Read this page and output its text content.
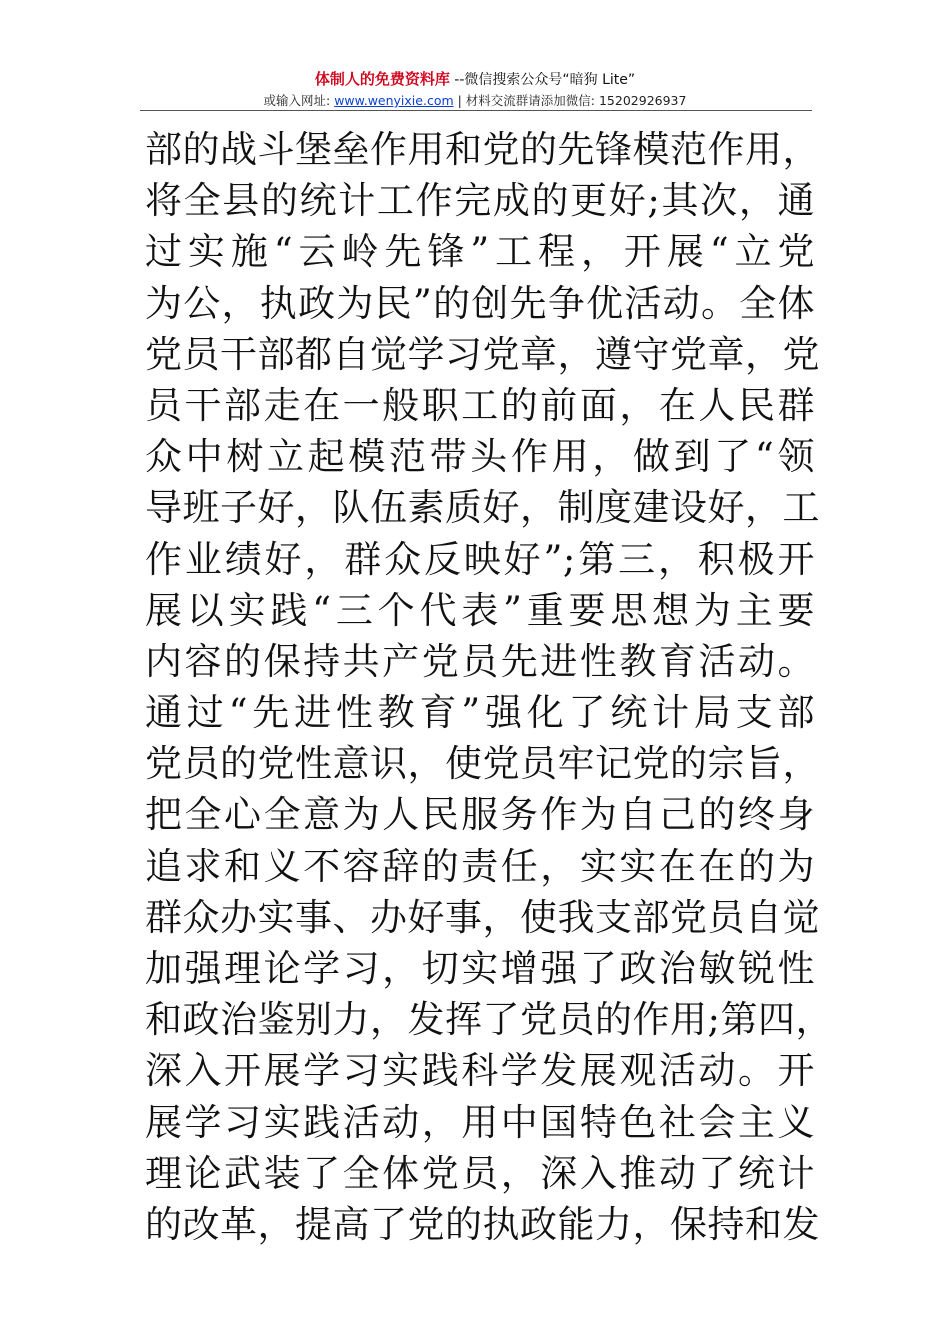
体制人的免费资料库 --微信搜索公众号“暗狗 Lite”
或输入网址: www.wenyixie.com | 材料交流群请添加微信: 15202926937
部的战斗堡垒作用和党的先锋模范作用，
将全县的统计工作完成的更好;其次，通
过实施“云岭先锋”工程，开展“立党
为公，执政为民”的创先争优活动。全体
党员干部都自觉学习党章，遵守党章，党
员干部走在一般职工的前面，在人民群
众中树立起模范带头作用，做到了“领
导班子好，队伍素质好，制度建设好，工
作业绩好，群众反映好”;第三，积极开
展以实践“三个代表”重要思想为主要
内容的保持共产党员先进性教育活动。
通过“先进性教育”强化了统计局支部
党员的党性意识，使党员牢记党的宗旨，
把全心全意为人民服务作为自己的终身
追求和义不容辞的责任，实实在在的为
群众办实事、办好事，使我支部党员自觉
加强理论学习，切实增强了政治敏锐性
和政治鉴别力，发挥了党员的作用;第四，
深入开展学习实践科学发展观活动。开
展学习实践活动，用中国特色社会主义
理论武装了全体党员，深入推动了统计
的改革，提高了党的执政能力，保持和发
